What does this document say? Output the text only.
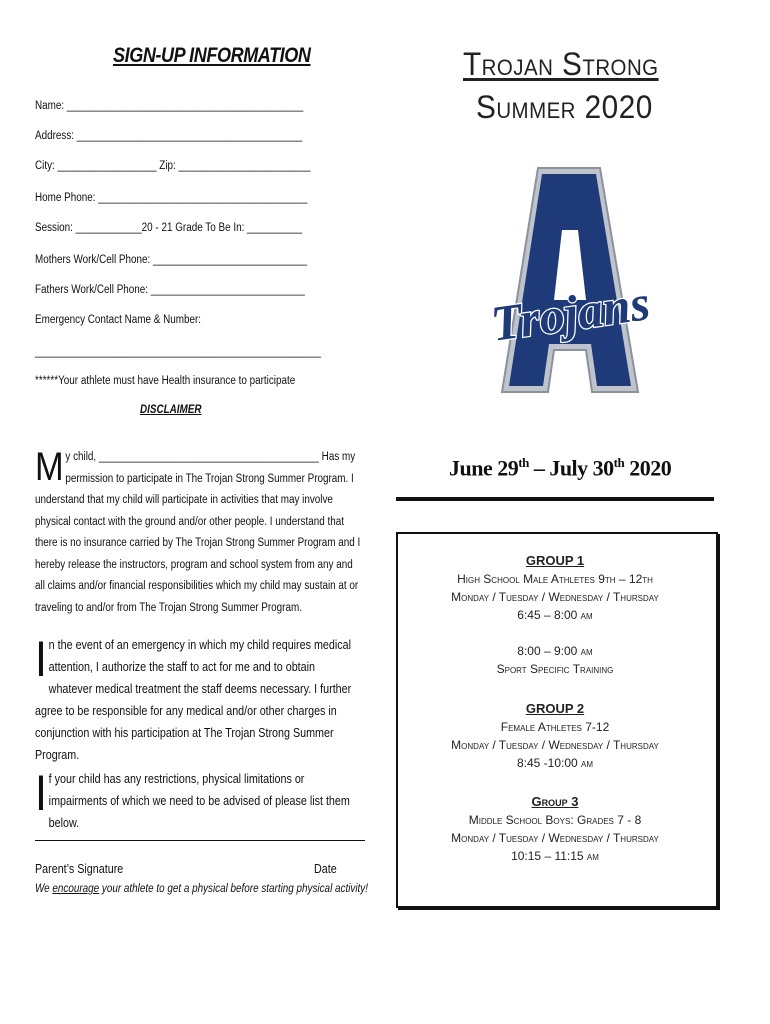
SIGN-UP INFORMATION
Name: ___________________________________________
Address: _________________________________________
City: __________________ Zip: ________________________
Home Phone: ______________________________________
Session: ____________20 - 21 Grade To Be In: __________
Mothers Work/Cell Phone: ____________________________
Fathers Work/Cell Phone: ____________________________
Emergency Contact Name & Number:
____________________________________________________
******Your athlete must have Health insurance to participate
DISCLAIMER
My child, ________________________________________ Has my permission to participate in The Trojan Strong Summer Program. I understand that my child will participate in activities that may involve physical contact with the ground and/or other people. I understand that there is no insurance carried by The Trojan Strong Summer Program and I hereby release the instructors, program and school system from any and all claims and/or financial responsibilities which my child may sustain at or traveling to and/or from The Trojan Strong Summer Program.
In the event of an emergency in which my child requires medical attention, I authorize the staff to act for me and to obtain whatever medical treatment the staff deems necessary. I further agree to be responsible for any medical and/or other charges in conjunction with his participation at The Trojan Strong Summer Program.
If your child has any restrictions, physical limitations or impairments of which we need to be advised of please list them below.
Parent’s Signature	Date
We encourage your athlete to get a physical before starting physical activity!
Trojan Strong
Summer 2020
Trojans
June 29th – July 30th 2020
GROUP 1
High School Male Athletes 9th – 12th
Monday / Tuesday / Wednesday / Thursday
6:45 – 8:00 am
8:00 – 9:00 am
Sport Specific Training
GROUP 2
Female Athletes 7-12
Monday / Tuesday / Wednesday / Thursday
8:45 -10:00 am
Group 3
Middle School Boys: Grades 7 - 8
Monday / Tuesday / Wednesday / Thursday
10:15 – 11:15 am
